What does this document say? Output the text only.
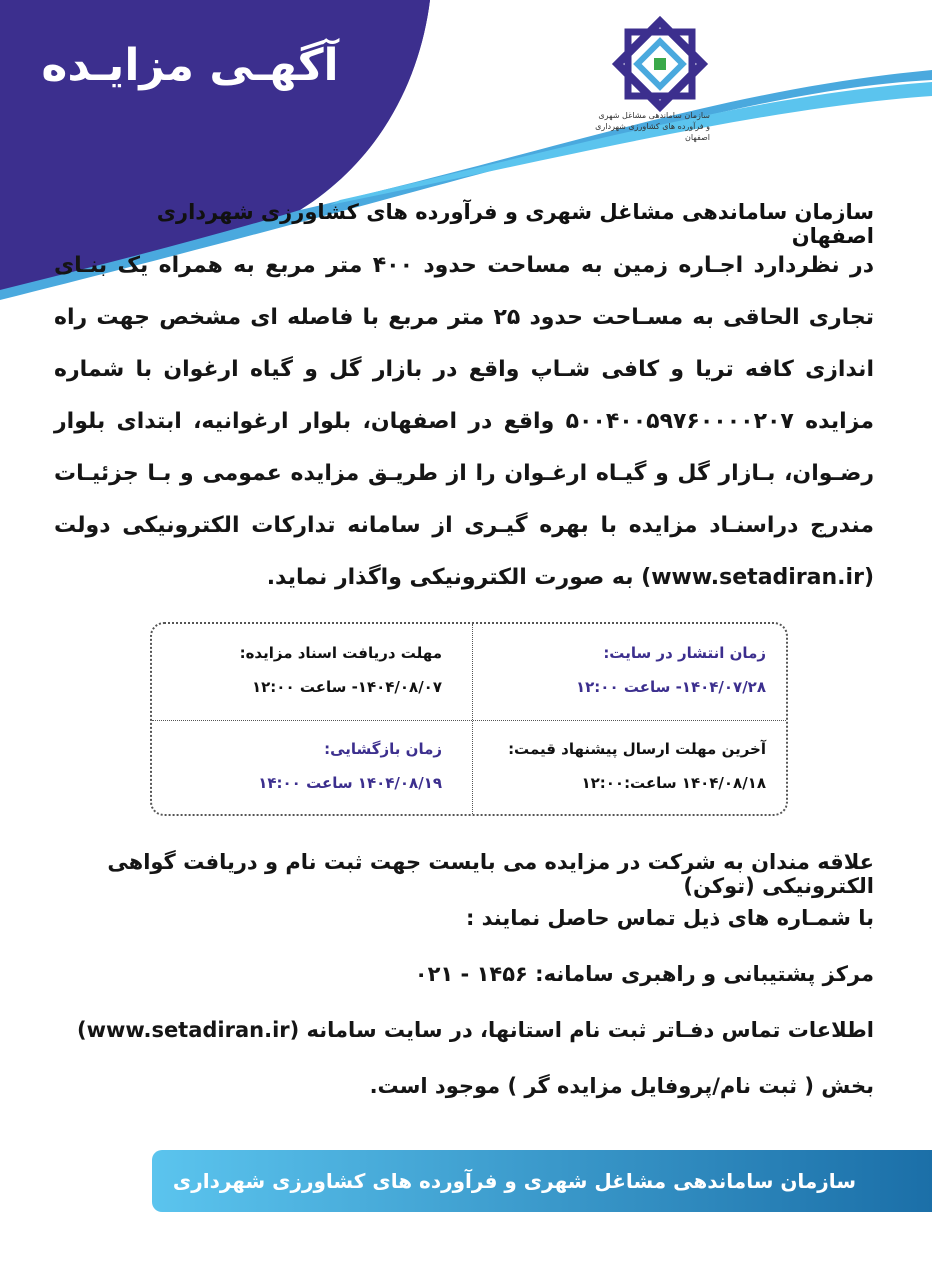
آگهـی مزایـده
سازمان ساماندهی مشاغل شهری
و فرآورده های کشاورزی شهرداری اصفهان
سازمان ساماندهی مشاغل شهری و فرآورده های کشاورزی شهرداری اصفهان
در نظردارد اجـاره زمین به مساحت حدود ۴۰۰ متر مربع به همراه یک بنـای تجاری الحاقی به مسـاحت حدود ۲۵ متر مربع با فاصله ای مشخص جهت راه اندازی کافه تریا و کافی شـاپ واقع در بازار گل و گیاه ارغوان با شماره مزایده ۵۰۰۴۰۰۵۹۷۶۰۰۰۰۲۰۷ واقع در اصفهان، بلوار ارغوانیه، ابتدای بلوار رضـوان، بـازار گل و گیـاه ارغـوان را از طریـق مزایده عمومی و بـا جزئیـات مندرج دراسنـاد مزایده با بهره گیـری از سامانه تدارکات الکترونیکی دولت (www.setadiran.ir) به صورت الکترونیکی واگذار نماید.
زمان انتشار در سایت:
۱۴۰۴/۰۷/۲۸- ساعت ۱۲:۰۰
مهلت دریافت اسناد مزایده:
۱۴۰۴/۰۸/۰۷- ساعت ۱۲:۰۰
آخرین مهلت ارسال پیشنهاد قیمت:
۱۴۰۴/۰۸/۱۸ ساعت:۱۲:۰۰
زمان بازگشایی:
۱۴۰۴/۰۸/۱۹ ساعت ۱۴:۰۰
علاقه مندان به شرکت در مزایده می بایست جهت ثبت نام و دریافت گواهی الکترونیکی (توکن)
با شمـاره های ذیل تماس حاصل نمایند :
مرکز پشتیبانی و راهبری سامانه: ۱۴۵۶ - ۰۲۱
اطلاعات تماس دفـاتر ثبت نام استانها، در سایت سامانه (www.setadiran.ir)
بخش ( ثبت نام/پروفایل مزایده گر ) موجود است.
سازمان ساماندهی مشاغل شهری و فرآورده های کشاورزی شهرداری اصفهان
